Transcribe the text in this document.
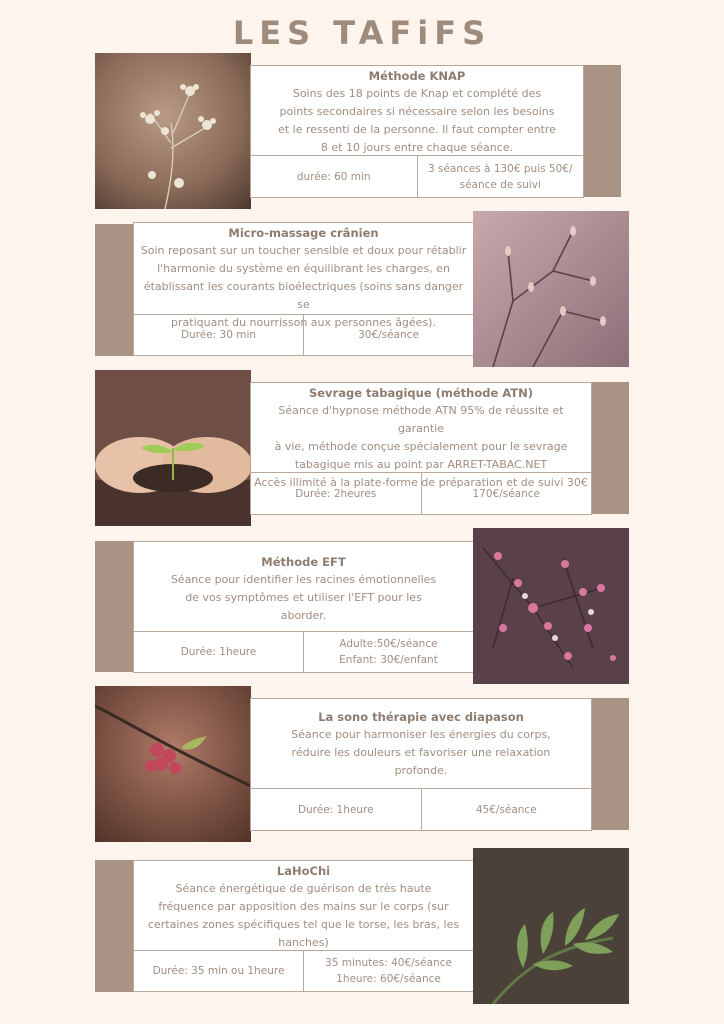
LES TAFiFS
Méthode KNAP
Soins des 18 points de Knap et complété des
points secondaires si nécessaire selon les besoins
et le ressenti de la personne. Il faut compter entre
8 et 10 jours entre chaque séance.
durée: 60 min
3 séances à 130€ puis 50€/
séance de suivi
Micro-massage crânien
Soin reposant sur un toucher sensible et doux pour rétablir
l'harmonie du système en équilibrant les charges, en
établissant les courants bioélectriques (soins sans danger se
pratiquant du nourrisson aux personnes âgées).
Durée: 30 min	30€/séance
Sevrage tabagique (méthode ATN)
Séance d'hypnose méthode ATN 95% de réussite et garantie
à vie, méthode conçue spécialement pour le sevrage
tabagique mis au point par ARRET-TABAC.NET
Accès illimité à la plate-forme de préparation et de suivi 30€
Durée: 2heures	170€/séance
Méthode EFT
Séance pour identifier les racines émotionnelles
de vos symptômes et utiliser l'EFT pour les
aborder.
Durée: 1heure
Adulte:50€/séance
Enfant: 30€/enfant
La sono thérapie avec diapason
Séance pour harmoniser les énergies du corps,
réduire les douleurs et favoriser une relaxation
profonde.
Durée: 1heure	45€/séance
LaHoChi
Séance énergétique de guérison de très haute
fréquence par apposition des mains sur le corps (sur
certaines zones spécifiques tel que le torse, les bras, les
hanches)
Durée: 35 min ou 1heure
35 minutes: 40€/séance
1heure: 60€/séance
